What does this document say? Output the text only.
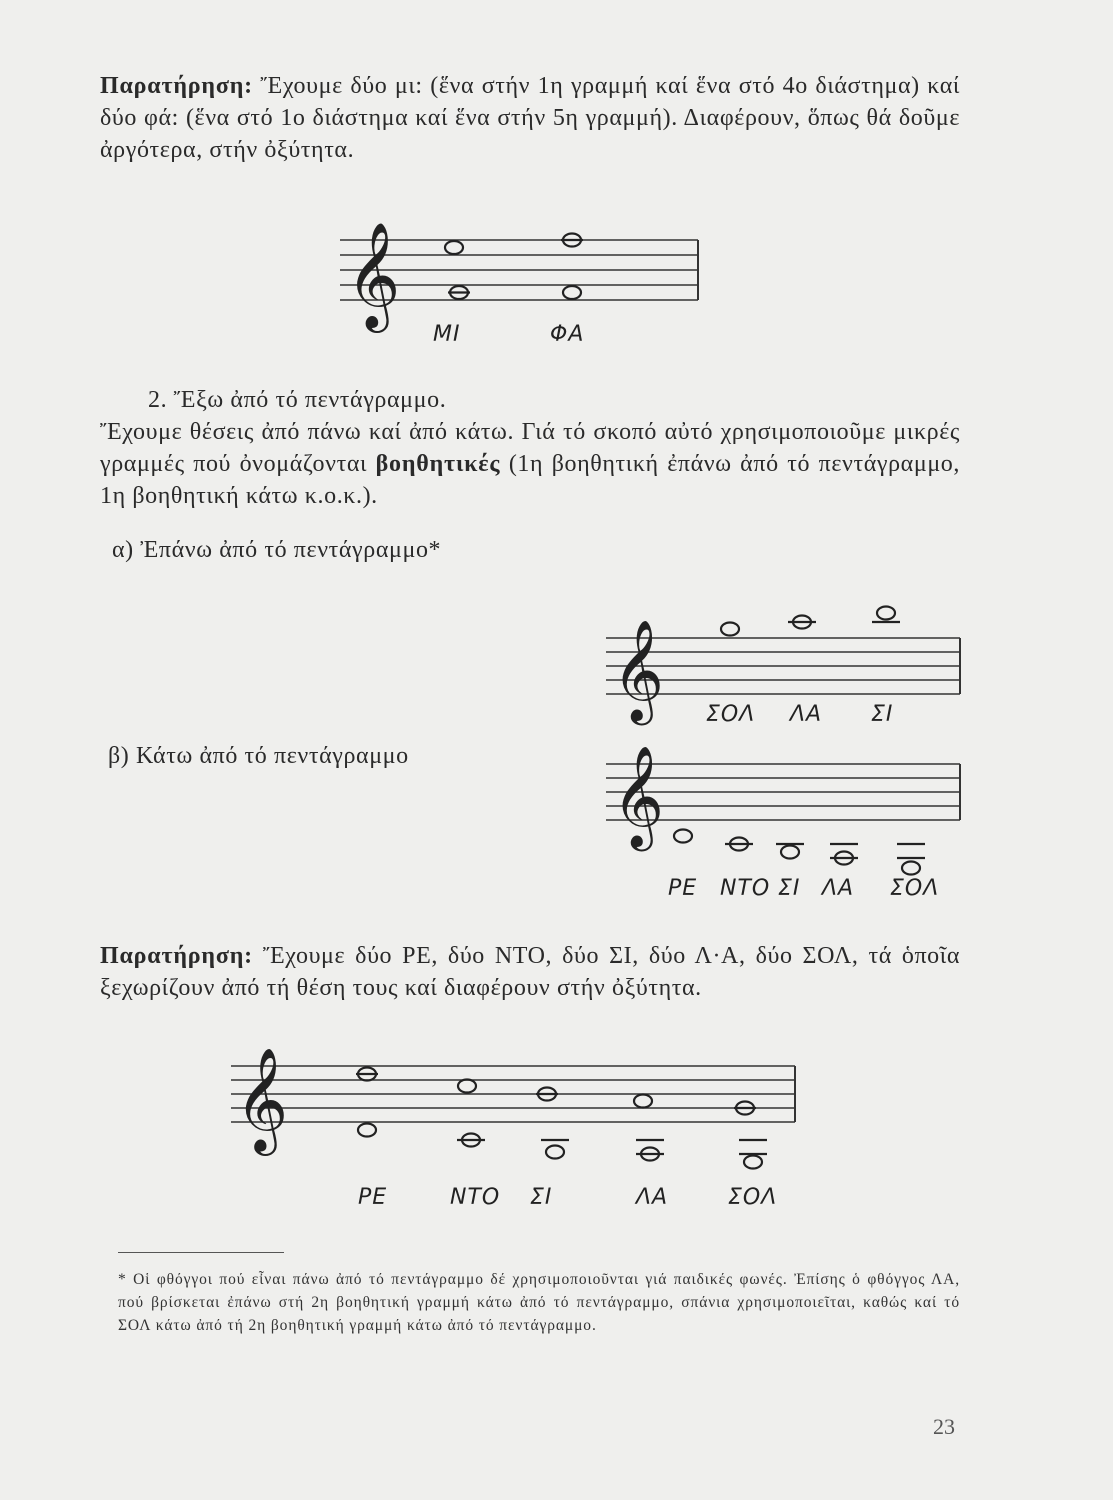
Παρατήρηση: Ἔχουμε δύο μι: (ἕνα στήν 1η γραμμή καί ἕνα στό 4ο διάστημα) καί δύο φά: (ἕνα στό 1ο διάστημα καί ἕνα στήν 5η γραμμή). Διαφέρουν, ὅπως θά δοῦμε ἀργότερα, στήν ὀξύτητα.
𝄞
ΜΙ	ΦΑ
2. Ἔξω ἀπό τό πεντάγραμμο.
Ἔχουμε θέσεις ἀπό πάνω καί ἀπό κάτω. Γιά τό σκοπό αὐτό χρησιμοποιοῦμε μικρές γραμμές πού ὀνομάζονται βοηθητικές (1η βοηθητική ἐπάνω ἀπό τό πεντάγραμμο, 1η βοηθητική κάτω κ.ο.κ.).
α) Ἐπάνω ἀπό τό πεντάγραμμο*
𝄞 ΣΟΛ ΛΑ ΣΙ
β) Κάτω ἀπό τό πεντάγραμμο 𝄞
ΡΕ ΝΤΟ ΣΙ ΛΑ ΣΟΛ
Παρατήρηση: Ἔχουμε δύο ΡΕ, δύο ΝΤΟ, δύο ΣΙ, δύο Λ·Α, δύο ΣΟΛ, τά ὁποῖα ξεχωρίζουν ἀπό τή θέση τους καί διαφέρουν στήν ὀξύτητα.
𝄞
ΡΕ	ΝΤΟ ΣΙ	ΛΑ	ΣΟΛ
* Οἱ φθόγγοι πού εἶναι πάνω ἀπό τό πεντάγραμμο δέ χρησιμοποιοῦνται γιά παιδικές φωνές. Ἐπίσης ὁ φθόγγος ΛΑ, πού βρίσκεται ἐπάνω στή 2η βοηθητική γραμμή κάτω ἀπό τό πεντάγραμμο, σπάνια χρησιμοποιεῖται, καθώς καί τό ΣΟΛ κάτω ἀπό τή 2η βοηθητική γραμμή κάτω ἀπό τό πεντάγραμμο.
23
